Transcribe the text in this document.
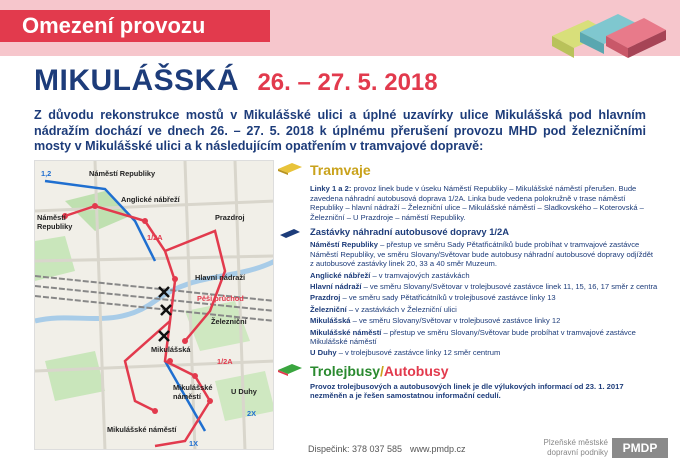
Omezení provozu
MIKULÁŠSKÁ 26. – 27. 5. 2018
Z důvodu rekonstrukce mostů v Mikulášské ulici a úplné uzavírky ulice Mikulášská pod hlavním nádražím dochází ve dnech 26. – 27. 5. 2018 k úplnému přerušení provozu MHD pod železničními mosty v Mikulášské ulici a k následujícím opatřením v tramvajové dopravě:
1,2	Náměstí Republiky
Náměstí Republiky
Anglické nábřeží
Prazdroj
1/2A
Hlavní nádraží
Pěší průchod
Železniční
Mikulášská
1/2A
Mikulášské náměstí
U Duhy
Mikulášské náměstí
1X
2X
Tramvaje
Linky 1 a 2: provoz linek bude v úseku Náměstí Republiky – Mikulášské náměstí přerušen. Bude zavedena náhradní autobusová doprava 1/2A. Linka bude vedena polokružně v trase náměstí Republiky – hlavní nádraží – Železniční ulice – Mikulášské náměstí – Sladkovského – Koterovská – Železniční – U Prazdroje – náměstí Republiky.
Zastávky náhradní autobusové dopravy 1/2A
Náměstí Republiky – přestup ve směru Sady Pětatřicátníků bude probíhat v tramvajové zastávce Náměstí Republiky, ve směru Slovany/Světovar bude autobusy náhradní autobusové dopravy odjíždět z autobusové zastávky linek 20, 33 a 40 směr Muzeum.
Anglické nábřeží – v tramvajových zastávkách
Hlavní nádraží – ve směru Slovany/Světovar v trolejbusové zastávce linek 11, 15, 16, 17 směr z centra
Prazdroj – ve směru sady Pětatřicátníků v trolejbusové zastávce linky 13
Železniční – v zastávkách v Železniční ulici
Mikulášská – ve směru Slovany/Světovar v trolejbusové zastávce linky 12
Mikulášské náměstí – přestup ve směru Slovany/Světovar bude probíhat v tramvajové zastávce Mikulášské náměstí
U Duhy – v trolejbusové zastávce linky 12 směr centrum
Trolejbusy/Autobusy
Provoz trolejbusových a autobusových linek je dle výlukových informací od 23. 1. 2017 nezměněn a je řešen samostatnou informační cedulí.
Dispečink: 378 037 585 www.pmdp.cz
Plzeňské městské
dopravní podniky	PMDP
